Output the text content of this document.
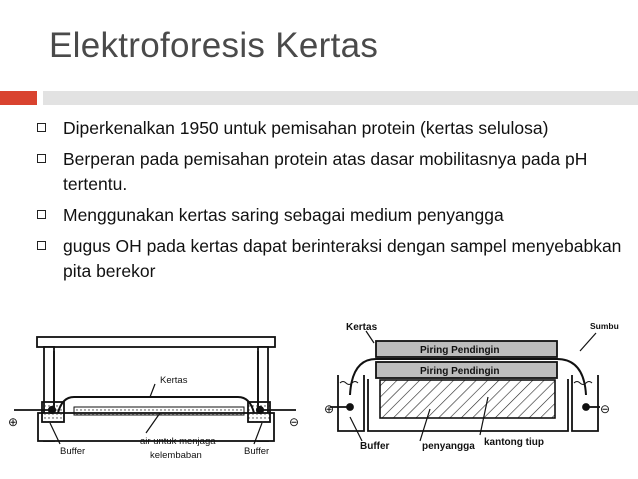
Elektroforesis Kertas
Diperkenalkan 1950 untuk pemisahan protein (kertas selulosa)
Berperan pada pemisahan protein atas dasar mobilitasnya pada pH tertentu.
Menggunakan kertas saring sebagai medium penyangga
gugus OH pada kertas dapat berinteraksi dengan sampel menyebabkan pita berekor
⊕	⊖
Kertas
Buffer	Buffer
air untuk menjaga
kelembaban
⊕	⊖
Kertas
Piring Pendingin
Piring Pendingin
Sumbu
Buffer	penyangga kantong tiup
